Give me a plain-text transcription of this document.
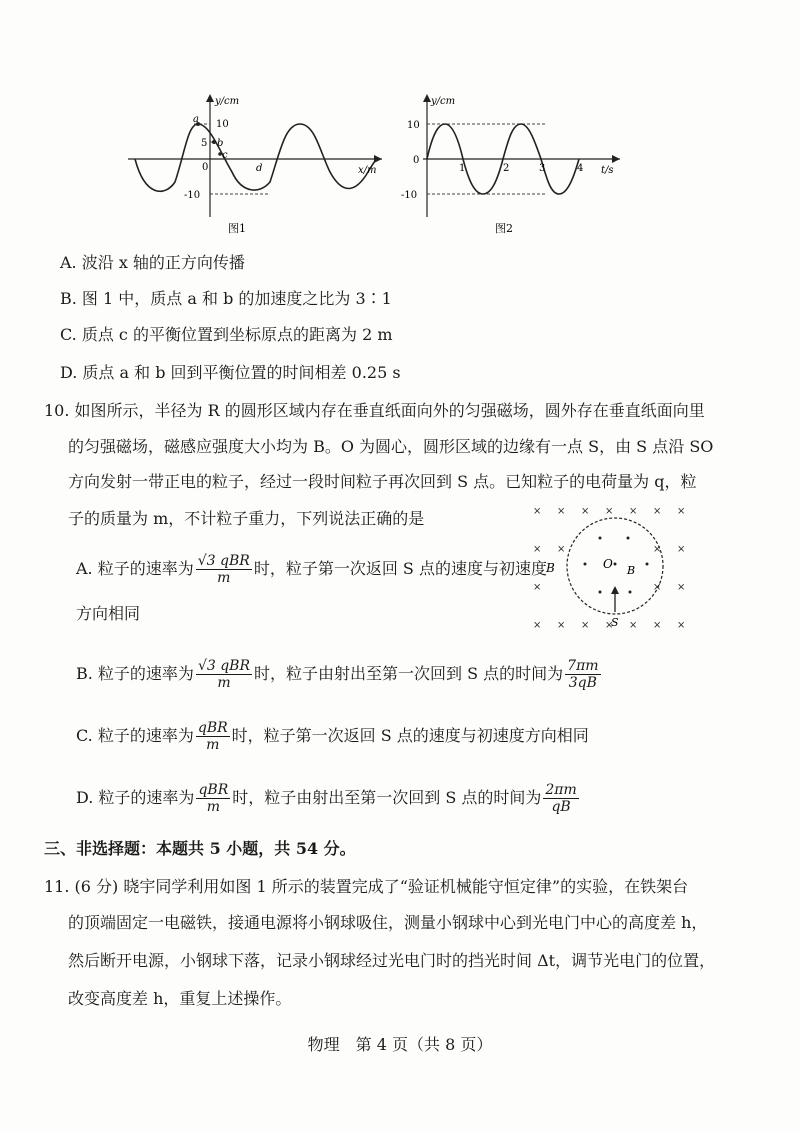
y/cm
10
5
a
b
c
0	d
-10
x/m
图1
y/cm
10
0
-10
1	2	3	4 t/s
图2
A. 波沿 x 轴的正方向传播
B. 图 1 中，质点 a 和 b 的加速度之比为 3∶1
C. 质点 c 的平衡位置到坐标原点的距离为 2 m
D. 质点 a 和 b 回到平衡位置的时间相差 0.25 s
10. 如图所示，半径为 R 的圆形区域内存在垂直纸面向外的匀强磁场，圆外存在垂直纸面向里
的匀强磁场，磁感应强度大小均为 B。O 为圆心，圆形区域的边缘有一点 S，由 S 点沿 SO
方向发射一带正电的粒子，经过一段时间粒子再次回到 S 点。已知粒子的电荷量为 q，粒
子的质量为 m，不计粒子重力，下列说法正确的是	× × × × × × ×
× ×	× ×
×	×
×
× × × × × × ×
B	O B
S
A. 粒子的速率为 $\frac{\text{√3 qBR}}{m}$ 时，粒子第一次返回 S 点的速度与初速度
方向相同
B. 粒子的速率为 $\frac{\text{√3 qBR}}{m}$ 时，粒子由射出至第一次回到 S 点的时间为 $\frac{7\pi m}{3qB}$
C. 粒子的速率为 $\frac{\text{qBR}}{m}$ 时，粒子第一次返回 S 点的速度与初速度方向相同
D. 粒子的速率为 $\frac{\text{qBR}}{m}$ 时，粒子由射出至第一次回到 S 点的时间为 $\frac{2\pi m}{qB}$
三、非选择题：本题共 5 小题，共 54 分。
11. (6 分) 晓宇同学利用如图 1 所示的装置完成了“验证机械能守恒定律”的实验，在铁架台
的顶端固定一电磁铁，接通电源将小钢球吸住，测量小钢球中心到光电门中心的高度差 h，
然后断开电源，小钢球下落，记录小钢球经过光电门时的挡光时间 Δt，调节光电门的位置，
改变高度差 h，重复上述操作。
物理　第 4 页（共 8 页）
